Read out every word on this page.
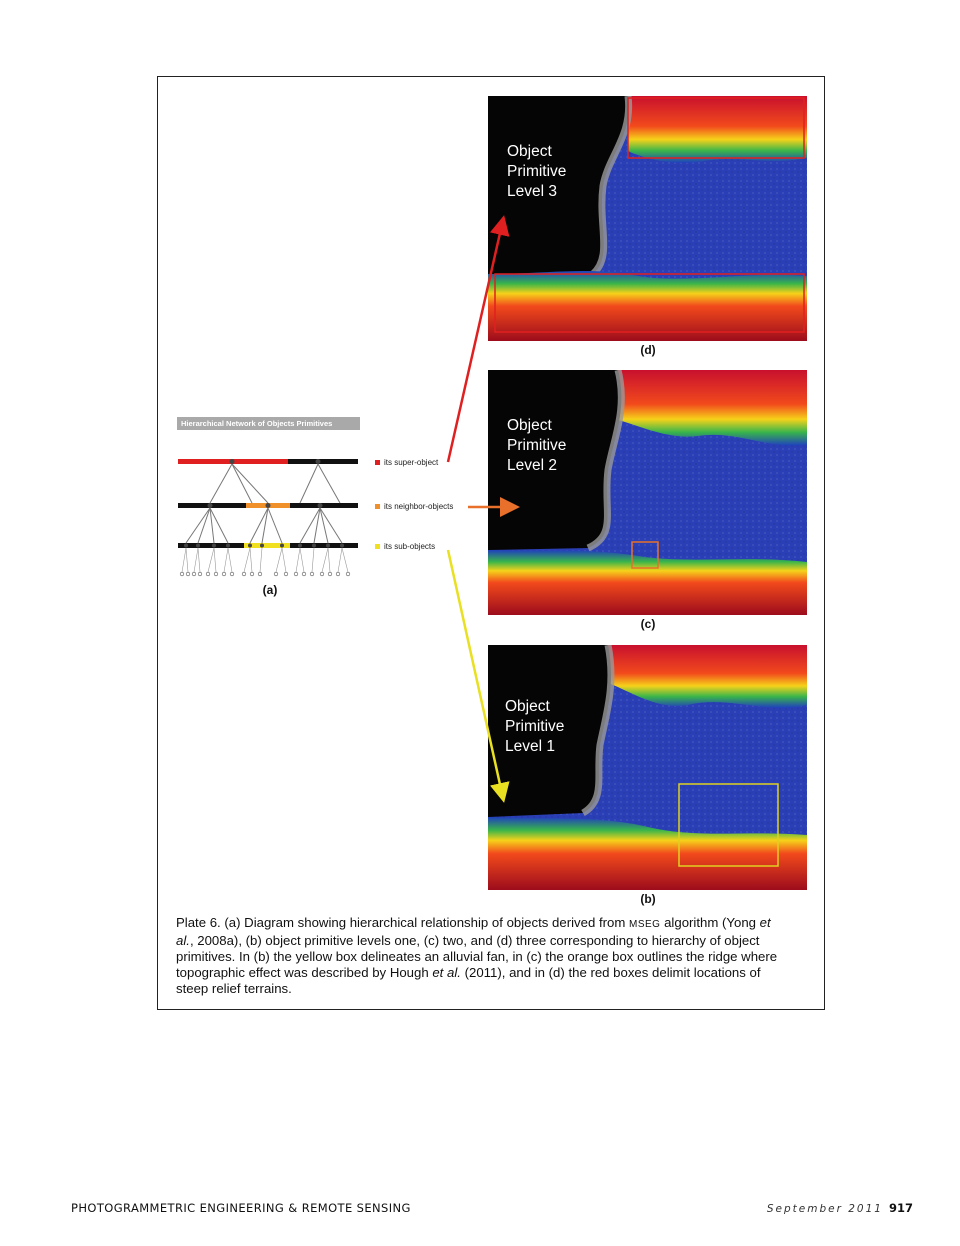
Object
Primitive
Level 3
(d)
Object
Primitive
Level 2
(c)
Object
Primitive
Level 1
(b)
Hierarchical Network of Objects Primitives
its super-object
its neighbor-objects
its sub-objects
(a)
Plate 6. (a) Diagram showing hierarchical relationship of objects derived from MSEG algorithm (Yong et al., 2008a), (b) object primitive levels one, (c) two, and (d) three corresponding to hierarchy of object primitives. In (b) the yellow box delineates an alluvial fan, in (c) the orange box outlines the ridge where topographic effect was described by Hough et al. (2011), and in (d) the red boxes delimit locations of steep relief terrains.
PHOTOGRAMMETRIC ENGINEERING & REMOTE SENSING	September 2011 917
